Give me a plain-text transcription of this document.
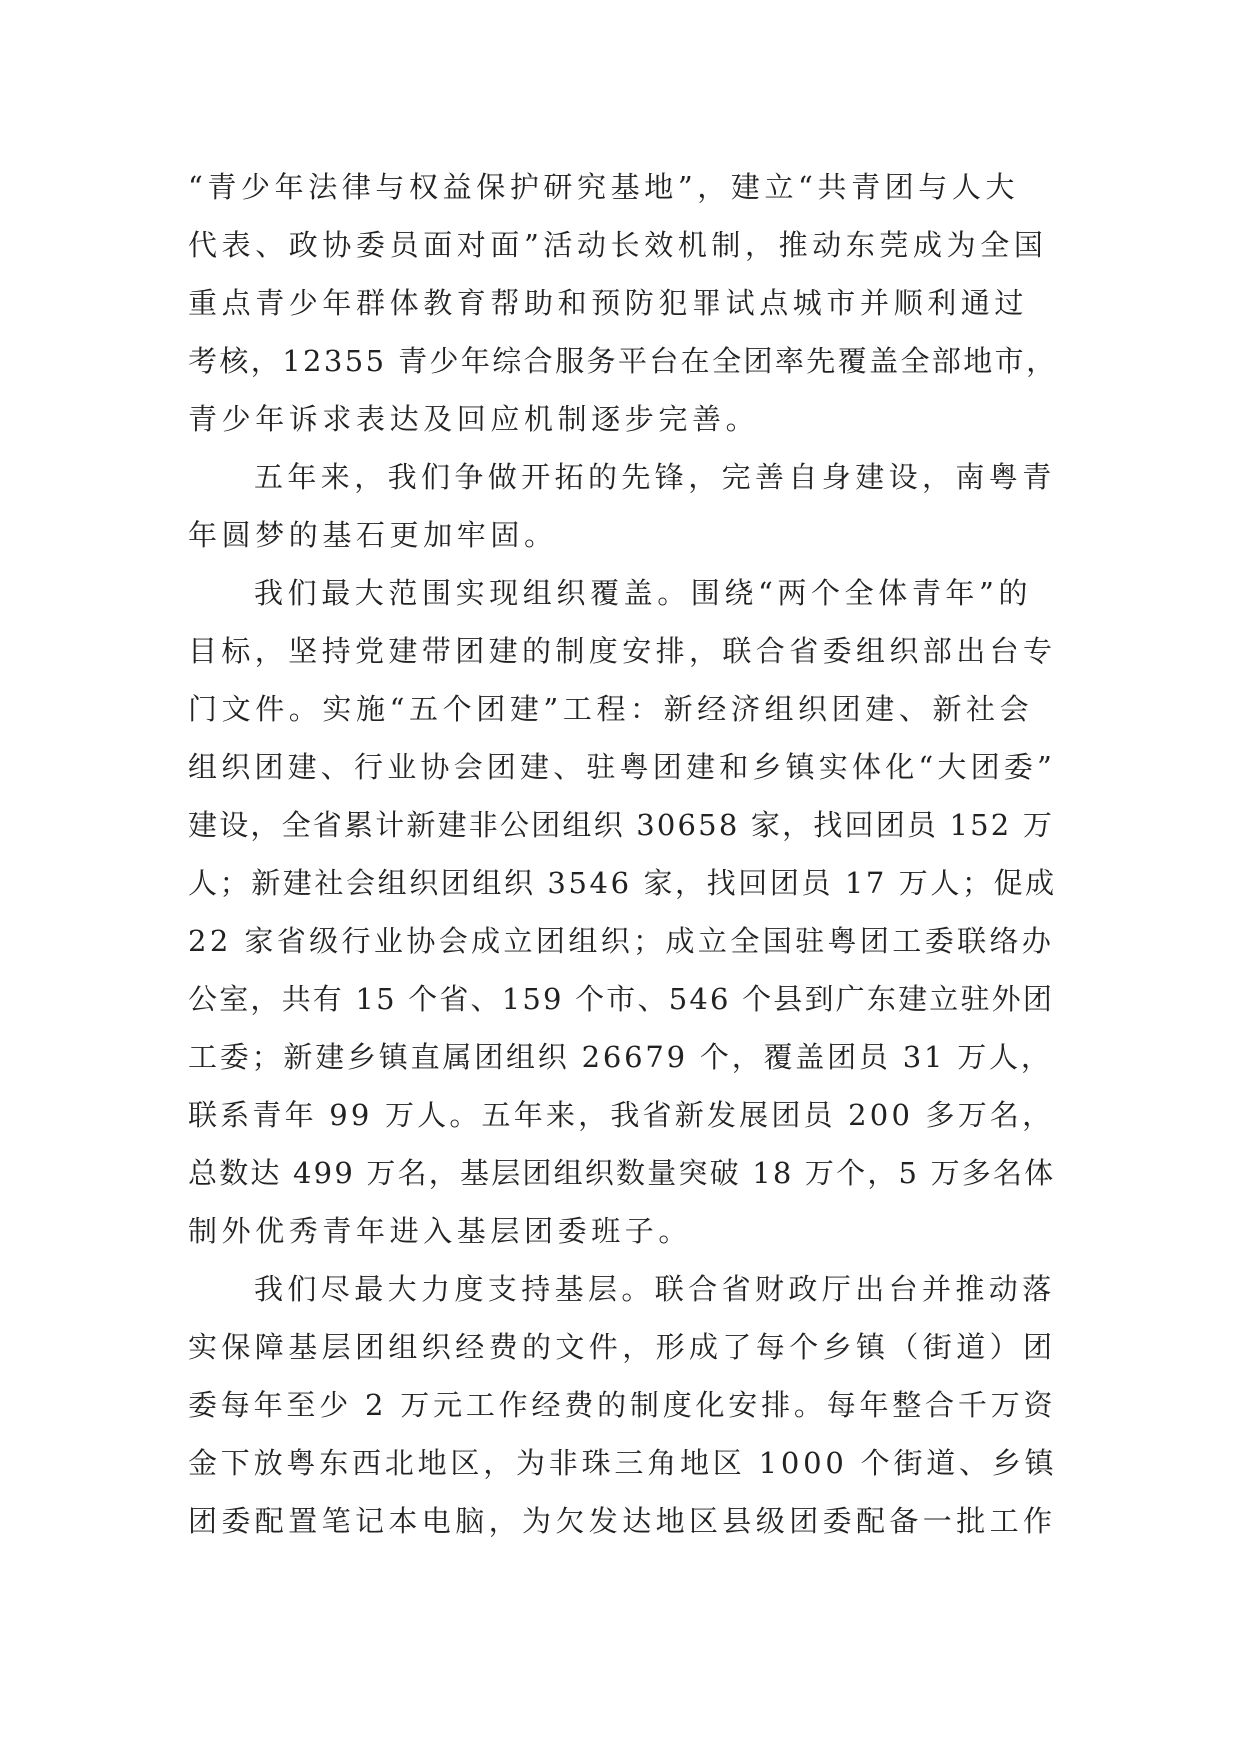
“青少年法律与权益保护研究基地”，建立“共青团与人大
代表、政协委员面对面”活动长效机制，推动东莞成为全国
重点青少年群体教育帮助和预防犯罪试点城市并顺利通过
考核，12355 青少年综合服务平台在全团率先覆盖全部地市，
青少年诉求表达及回应机制逐步完善。
五年来，我们争做开拓的先锋，完善自身建设，南粤青
年圆梦的基石更加牢固。
我们最大范围实现组织覆盖。围绕“两个全体青年”的
目标，坚持党建带团建的制度安排，联合省委组织部出台专
门文件。实施“五个团建”工程：新经济组织团建、新社会
组织团建、行业协会团建、驻粤团建和乡镇实体化“大团委”
建设，全省累计新建非公团组织 30658 家，找回团员 152 万
人；新建社会组织团组织 3546 家，找回团员 17 万人；促成
22 家省级行业协会成立团组织；成立全国驻粤团工委联络办
公室，共有 15 个省、159 个市、546 个县到广东建立驻外团
工委；新建乡镇直属团组织 26679 个，覆盖团员 31 万人，
联系青年 99 万人。五年来，我省新发展团员 200 多万名，
总数达 499 万名，基层团组织数量突破 18 万个，5 万多名体
制外优秀青年进入基层团委班子。
我们尽最大力度支持基层。联合省财政厅出台并推动落
实保障基层团组织经费的文件，形成了每个乡镇（街道）团
委每年至少 2 万元工作经费的制度化安排。每年整合千万资
金下放粤东西北地区，为非珠三角地区 1000 个街道、乡镇
团委配置笔记本电脑，为欠发达地区县级团委配备一批工作
